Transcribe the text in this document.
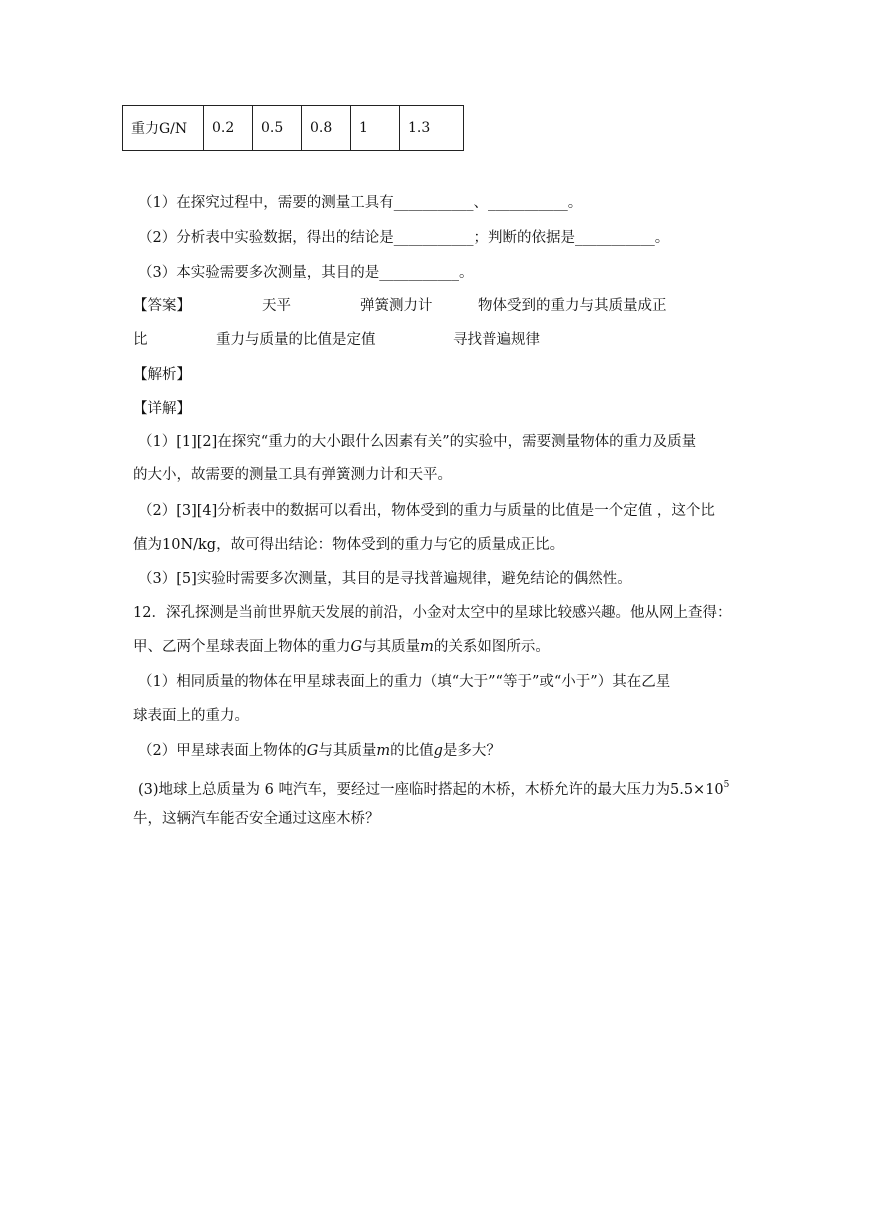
重力G/N	0.2	0.5	0.8	1	1.3
（1）在探究过程中，需要的测量工具有___________、___________。
（2）分析表中实验数据，得出的结论是___________；判断的依据是___________。
（3）本实验需要多次测量，其目的是___________。
【答案】	天平	弹簧测力计	物体受到的重力与其质量成正
比	重力与质量的比值是定值	寻找普遍规律
【解析】
【详解】
（1）[1][2]在探究“重力的大小跟什么因素有关”的实验中，需要测量物体的重力及质量
的大小，故需要的测量工具有弹簧测力计和天平。
（2）[3][4]分析表中的数据可以看出，物体受到的重力与质量的比值是一个定值 ，这个比
值为10N/kg，故可得出结论：物体受到的重力与它的质量成正比。
（3）[5]实验时需要多次测量，其目的是寻找普遍规律，避免结论的偶然性。
12．深孔探测是当前世界航天发展的前沿，小金对太空中的星球比较感兴趣。他从网上查得：
甲、乙两个星球表面上物体的重力G与其质量m的关系如图所示。
（1）相同质量的物体在甲星球表面上的重力（填“大于”“等于”或“小于”）其在乙星
球表面上的重力。
（2）甲星球表面上物体的G与其质量m的比值g是多大？
(3)地球上总质量为 6 吨汽车，要经过一座临时搭起的木桥，木桥允许的最大压力为$5.5\times 10^5$
牛，这辆汽车能否安全通过这座木桥？
